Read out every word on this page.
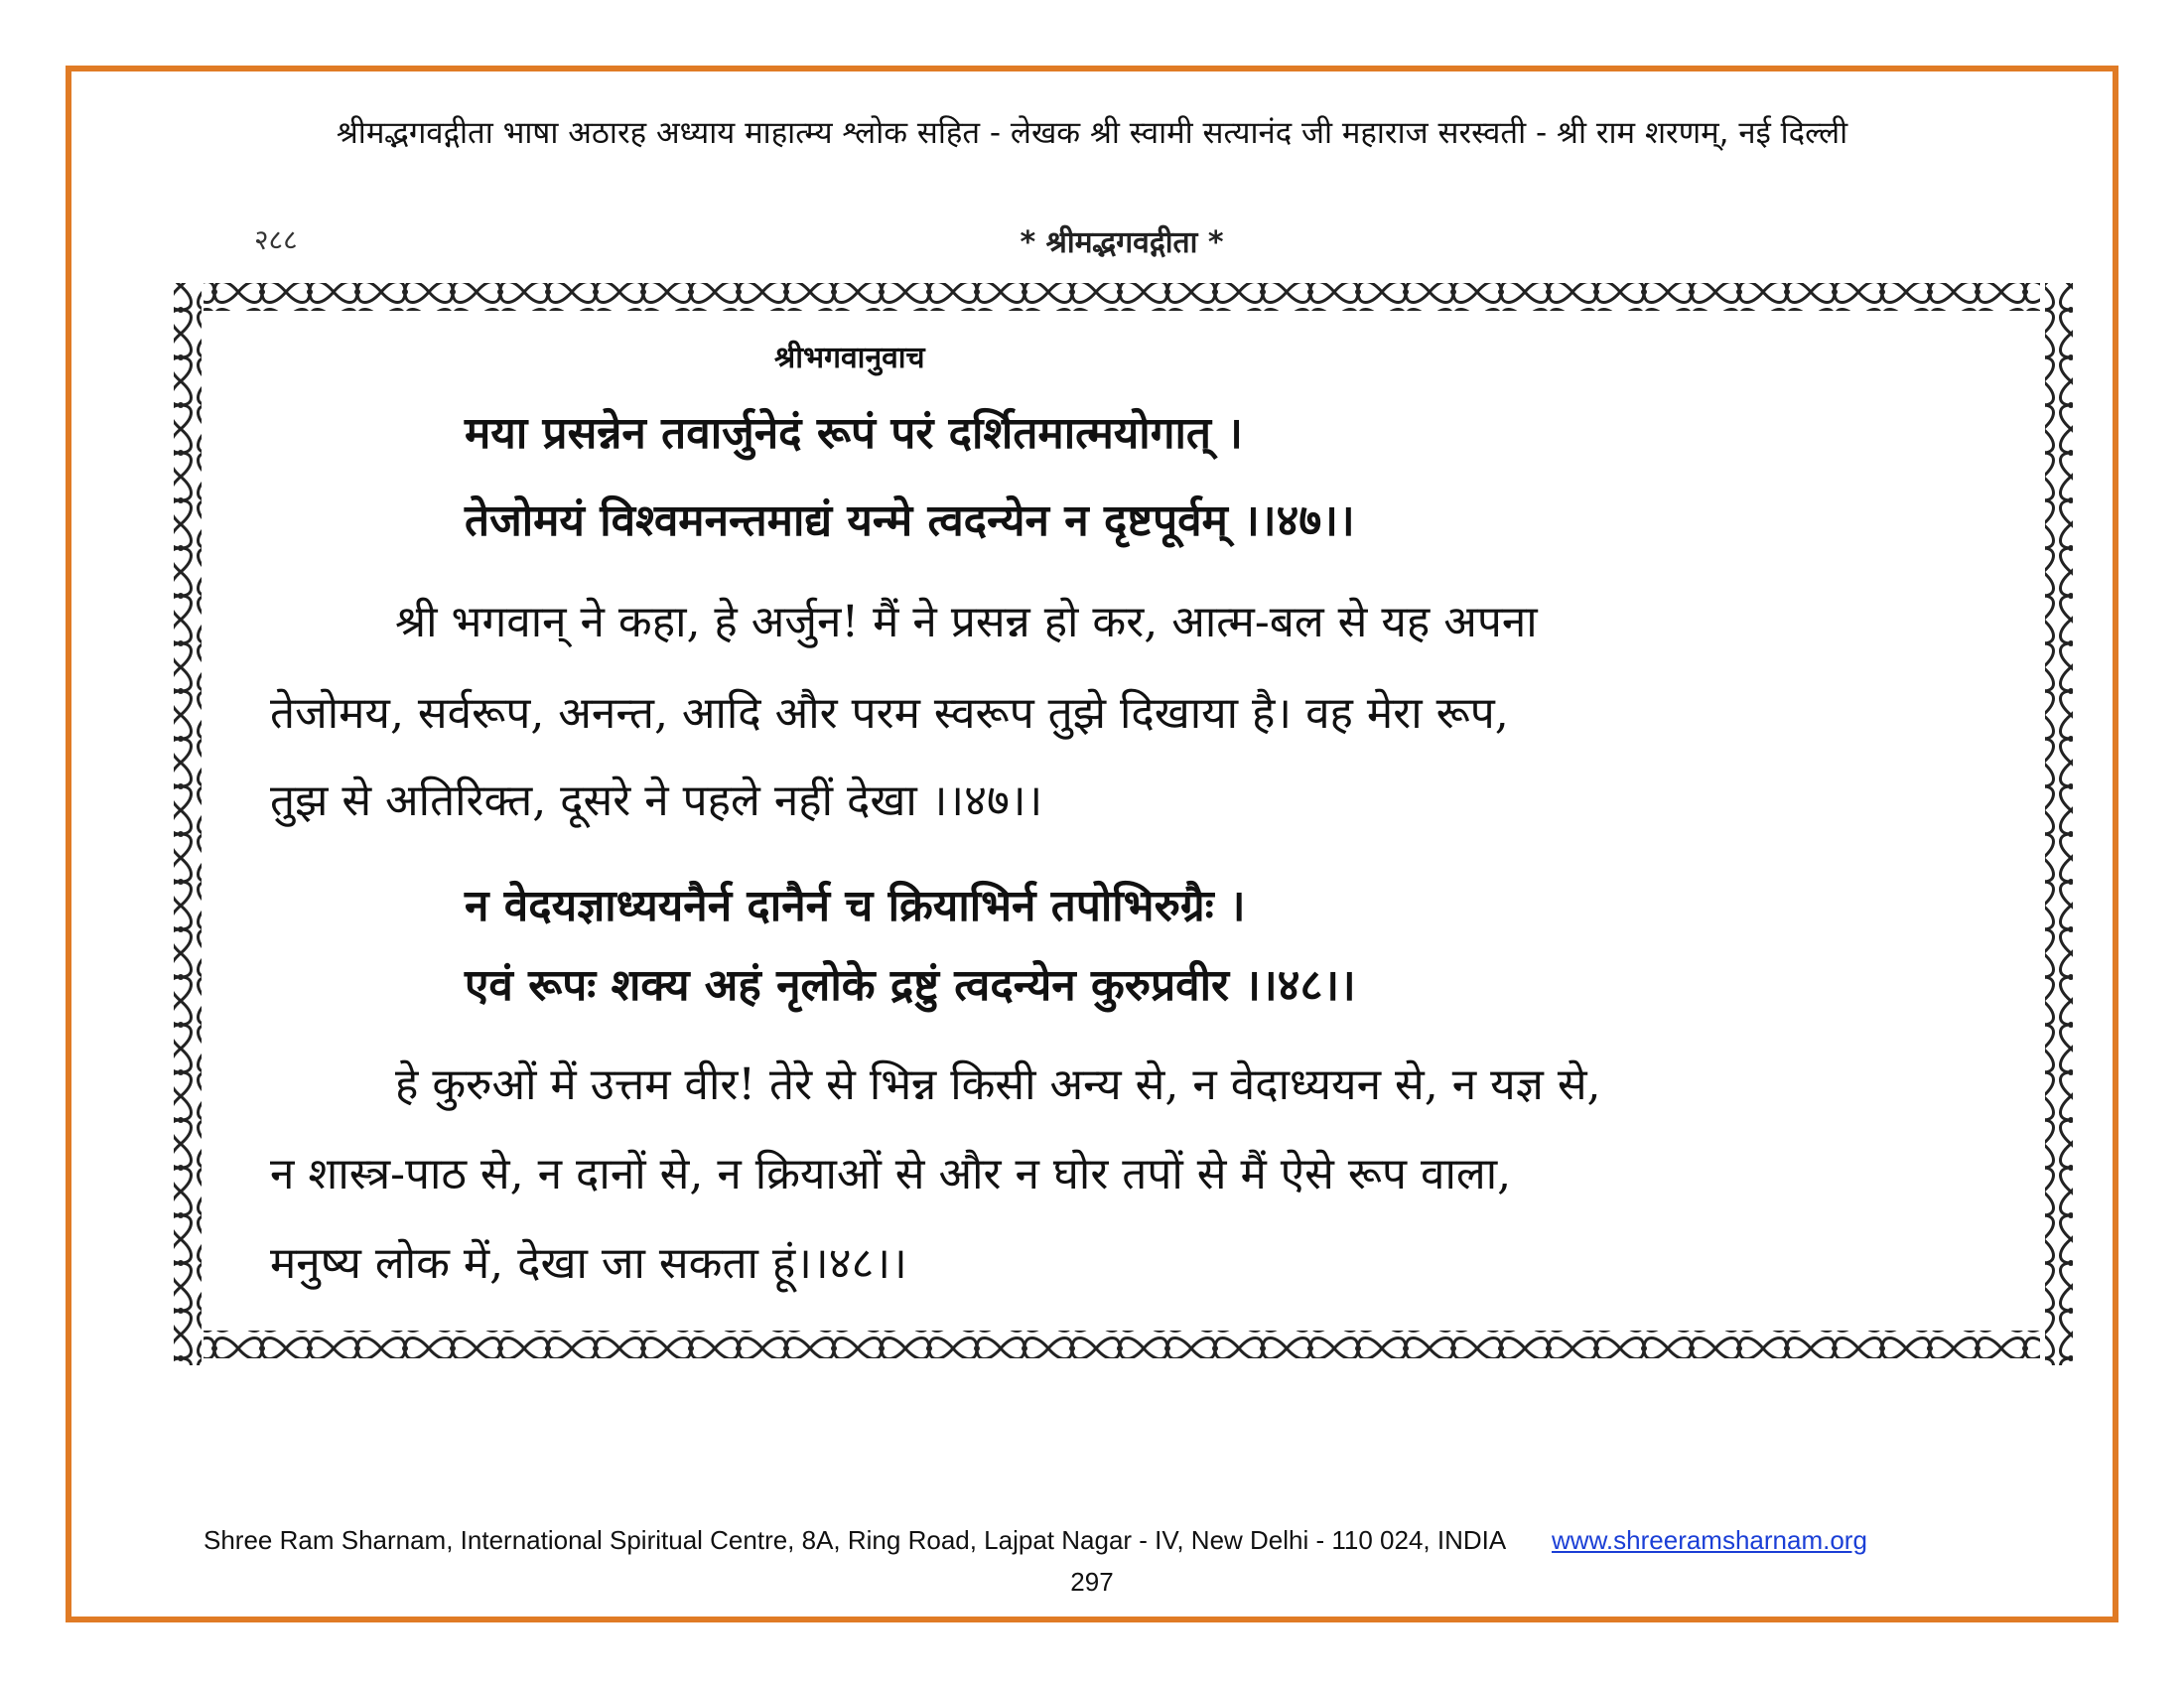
श्रीमद्भगवद्गीता भाषा अठारह अध्याय माहात्म्य श्लोक सहित - लेखक श्री स्वामी सत्यानंद जी महाराज सरस्वती - श्री राम शरणम्, नई दिल्ली
२८८	* श्रीमद्भगवद्गीता *
श्रीभगवानुवाच
मया प्रसन्नेन तवार्जुनेदं रूपं परं दर्शितमात्मयोगात् ।
तेजोमयं विश्वमनन्तमाद्यं यन्मे त्वदन्येन न दृष्टपूर्वम् ।।४७।।
श्री भगवान् ने कहा, हे अर्जुन! मैं ने प्रसन्न हो कर, आत्म-बल से यह अपना
तेजोमय, सर्वरूप, अनन्त, आदि और परम स्वरूप तुझे दिखाया है। वह मेरा रूप,
तुझ से अतिरिक्त, दूसरे ने पहले नहीं देखा ।।४७।।
न वेदयज्ञाध्ययनैर्न दानैर्न च क्रियाभिर्न तपोभिरुग्रैः ।
एवं रूपः शक्य अहं नृलोके द्रष्टुं त्वदन्येन कुरुप्रवीर ।।४८।।
हे कुरुओं में उत्तम वीर! तेरे से भिन्न किसी अन्य से, न वेदाध्ययन से, न यज्ञ से,
न शास्त्र-पाठ से, न दानों से, न क्रियाओं से और न घोर तपों से मैं ऐसे रूप वाला,
मनुष्य लोक में, देखा जा सकता हूं।।४८।।
Shree Ram Sharnam, International Spiritual Centre, 8A, Ring Road, Lajpat Nagar - IV, New Delhi - 110 024, INDIA www.shreeramsharnam.org
297
